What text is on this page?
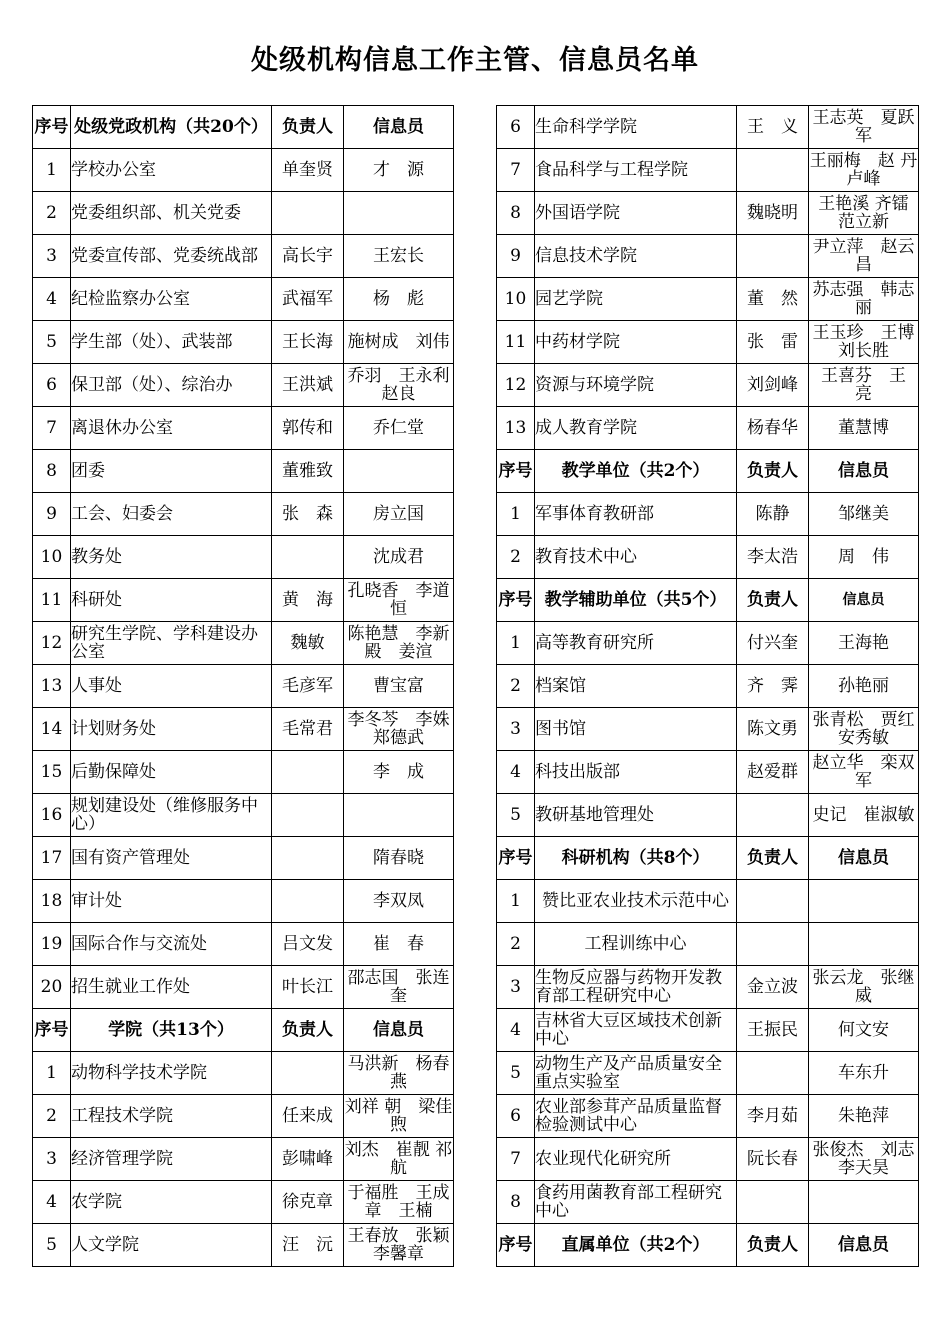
处级机构信息工作主管、信息员名单
序号	处级党政机构（共20个）	负责人	信息员

1	学校办公室	单奎贤	才　源

2	党委组织部、机关党委		

3	党委宣传部、党委统战部	高长宇	王宏长

4	纪检监察办公室	武福军	杨　彪

5	学生部（处）、武装部	王长海	施树成　刘伟

6	保卫部（处）、综治办	王洪斌	乔羽　王永利　赵良

7	离退休办公室	郭传和	乔仁堂

8	团委	董雅致	

9	工会、妇委会	张　森	房立国

10	教务处		沈成君

11	科研处	黄　海	孔晓香　李道恒

12	研究生学院、学科建设办公室	魏敏	陈艳慧　李新殿　姜渲

13	人事处	毛彦军	曹宝富

14	计划财务处	毛常君	李冬芩　李姝　郑德武

15	后勤保障处		李　成

16	规划建设处（维修服务中心）		

17	国有资产管理处		隋春晓

18	审计处		李双凤

19	国际合作与交流处	吕文发	崔　春

20	招生就业工作处	叶长江	邵志国　张连奎

序号	学院（共13个）	负责人	信息员

1	动物科学技术学院		马洪新　杨春燕

2	工程技术学院	任来成	刘祥 朝　梁佳 煦

3	经济管理学院	彭啸峰	刘杰　崔靓 祁航

4	农学院	徐克章	于福胜　王成章　王楠

5	人文学院	汪　沅	王春放　张颖　李馨章
6	生命科学学院	王　义	王志英　夏跃军

7	食品科学与工程学院		王丽梅　赵 丹　卢峰

8	外国语学院	魏晓明	王艳溪 齐镭　范立新

9	信息技术学院		尹立萍　赵云昌

10	园艺学院	董　然	苏志强　韩志丽

11	中药材学院	张　雷	王玉珍　王博 刘长胜

12	资源与环境学院	刘剑峰	王喜芬　王　亮

13	成人教育学院	杨春华	董慧博

序号	教学单位（共2个）	负责人	信息员

1	军事体育教研部	陈静	邹继美

2	教育技术中心	李太浩	周　伟

序号	教学辅助单位（共5个）	负责人	信息员

1	高等教育研究所	付兴奎	王海艳

2	档案馆	齐　霁	孙艳丽

3	图书馆	陈文勇	张青松　贾红　安秀敏

4	科技出版部	赵爱群	赵立华　栾双军

5	教研基地管理处		史记　崔淑敏

序号	科研机构（共8个）	负责人	信息员

1	赞比亚农业技术示范中心		

2	工程训练中心		

3	生物反应器与药物开发教育部工程研究中心	金立波	张云龙　张继威

4	吉林省大豆区域技术创新中心	王振民	何文安

5	动物生产及产品质量安全重点实验室		车东升

6	农业部参茸产品质量监督检验测试中心	李月茹	朱艳萍

7	农业现代化研究所	阮长春	张俊杰　刘志　李天昊

8	食药用菌教育部工程研究中心		

序号	直属单位（共2个）	负责人	信息员
